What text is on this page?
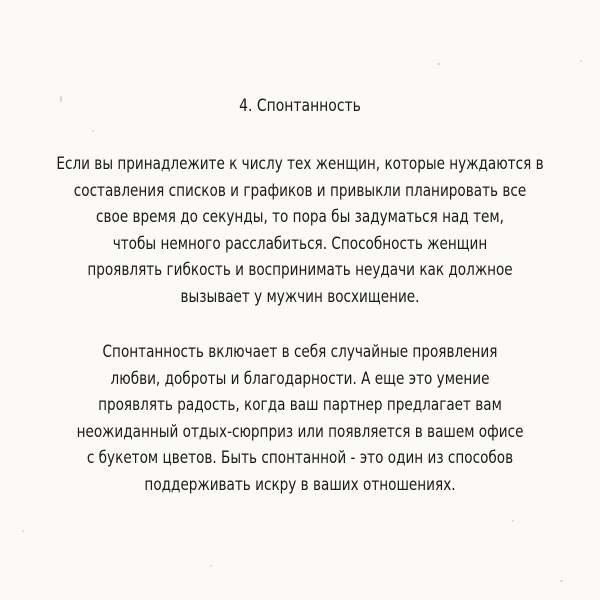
4. Спонтанность

Если вы принадлежите к числу тех женщин, которые нуждаются в
составления списков и графиков и привыкли планировать все
свое время до секунды, то пора бы задуматься над тем,
чтобы немного расслабиться. Способность женщин
проявлять гибкость и воспринимать неудачи как должное
вызывает у мужчин восхищение.

Спонтанность включает в себя случайные проявления
любви, доброты и благодарности. А еще это умение
проявлять радость, когда ваш партнер предлагает вам
неожиданный отдых-сюрприз или появляется в вашем офисе
с букетом цветов. Быть спонтанной - это один из способов
поддерживать искру в ваших отношениях.
